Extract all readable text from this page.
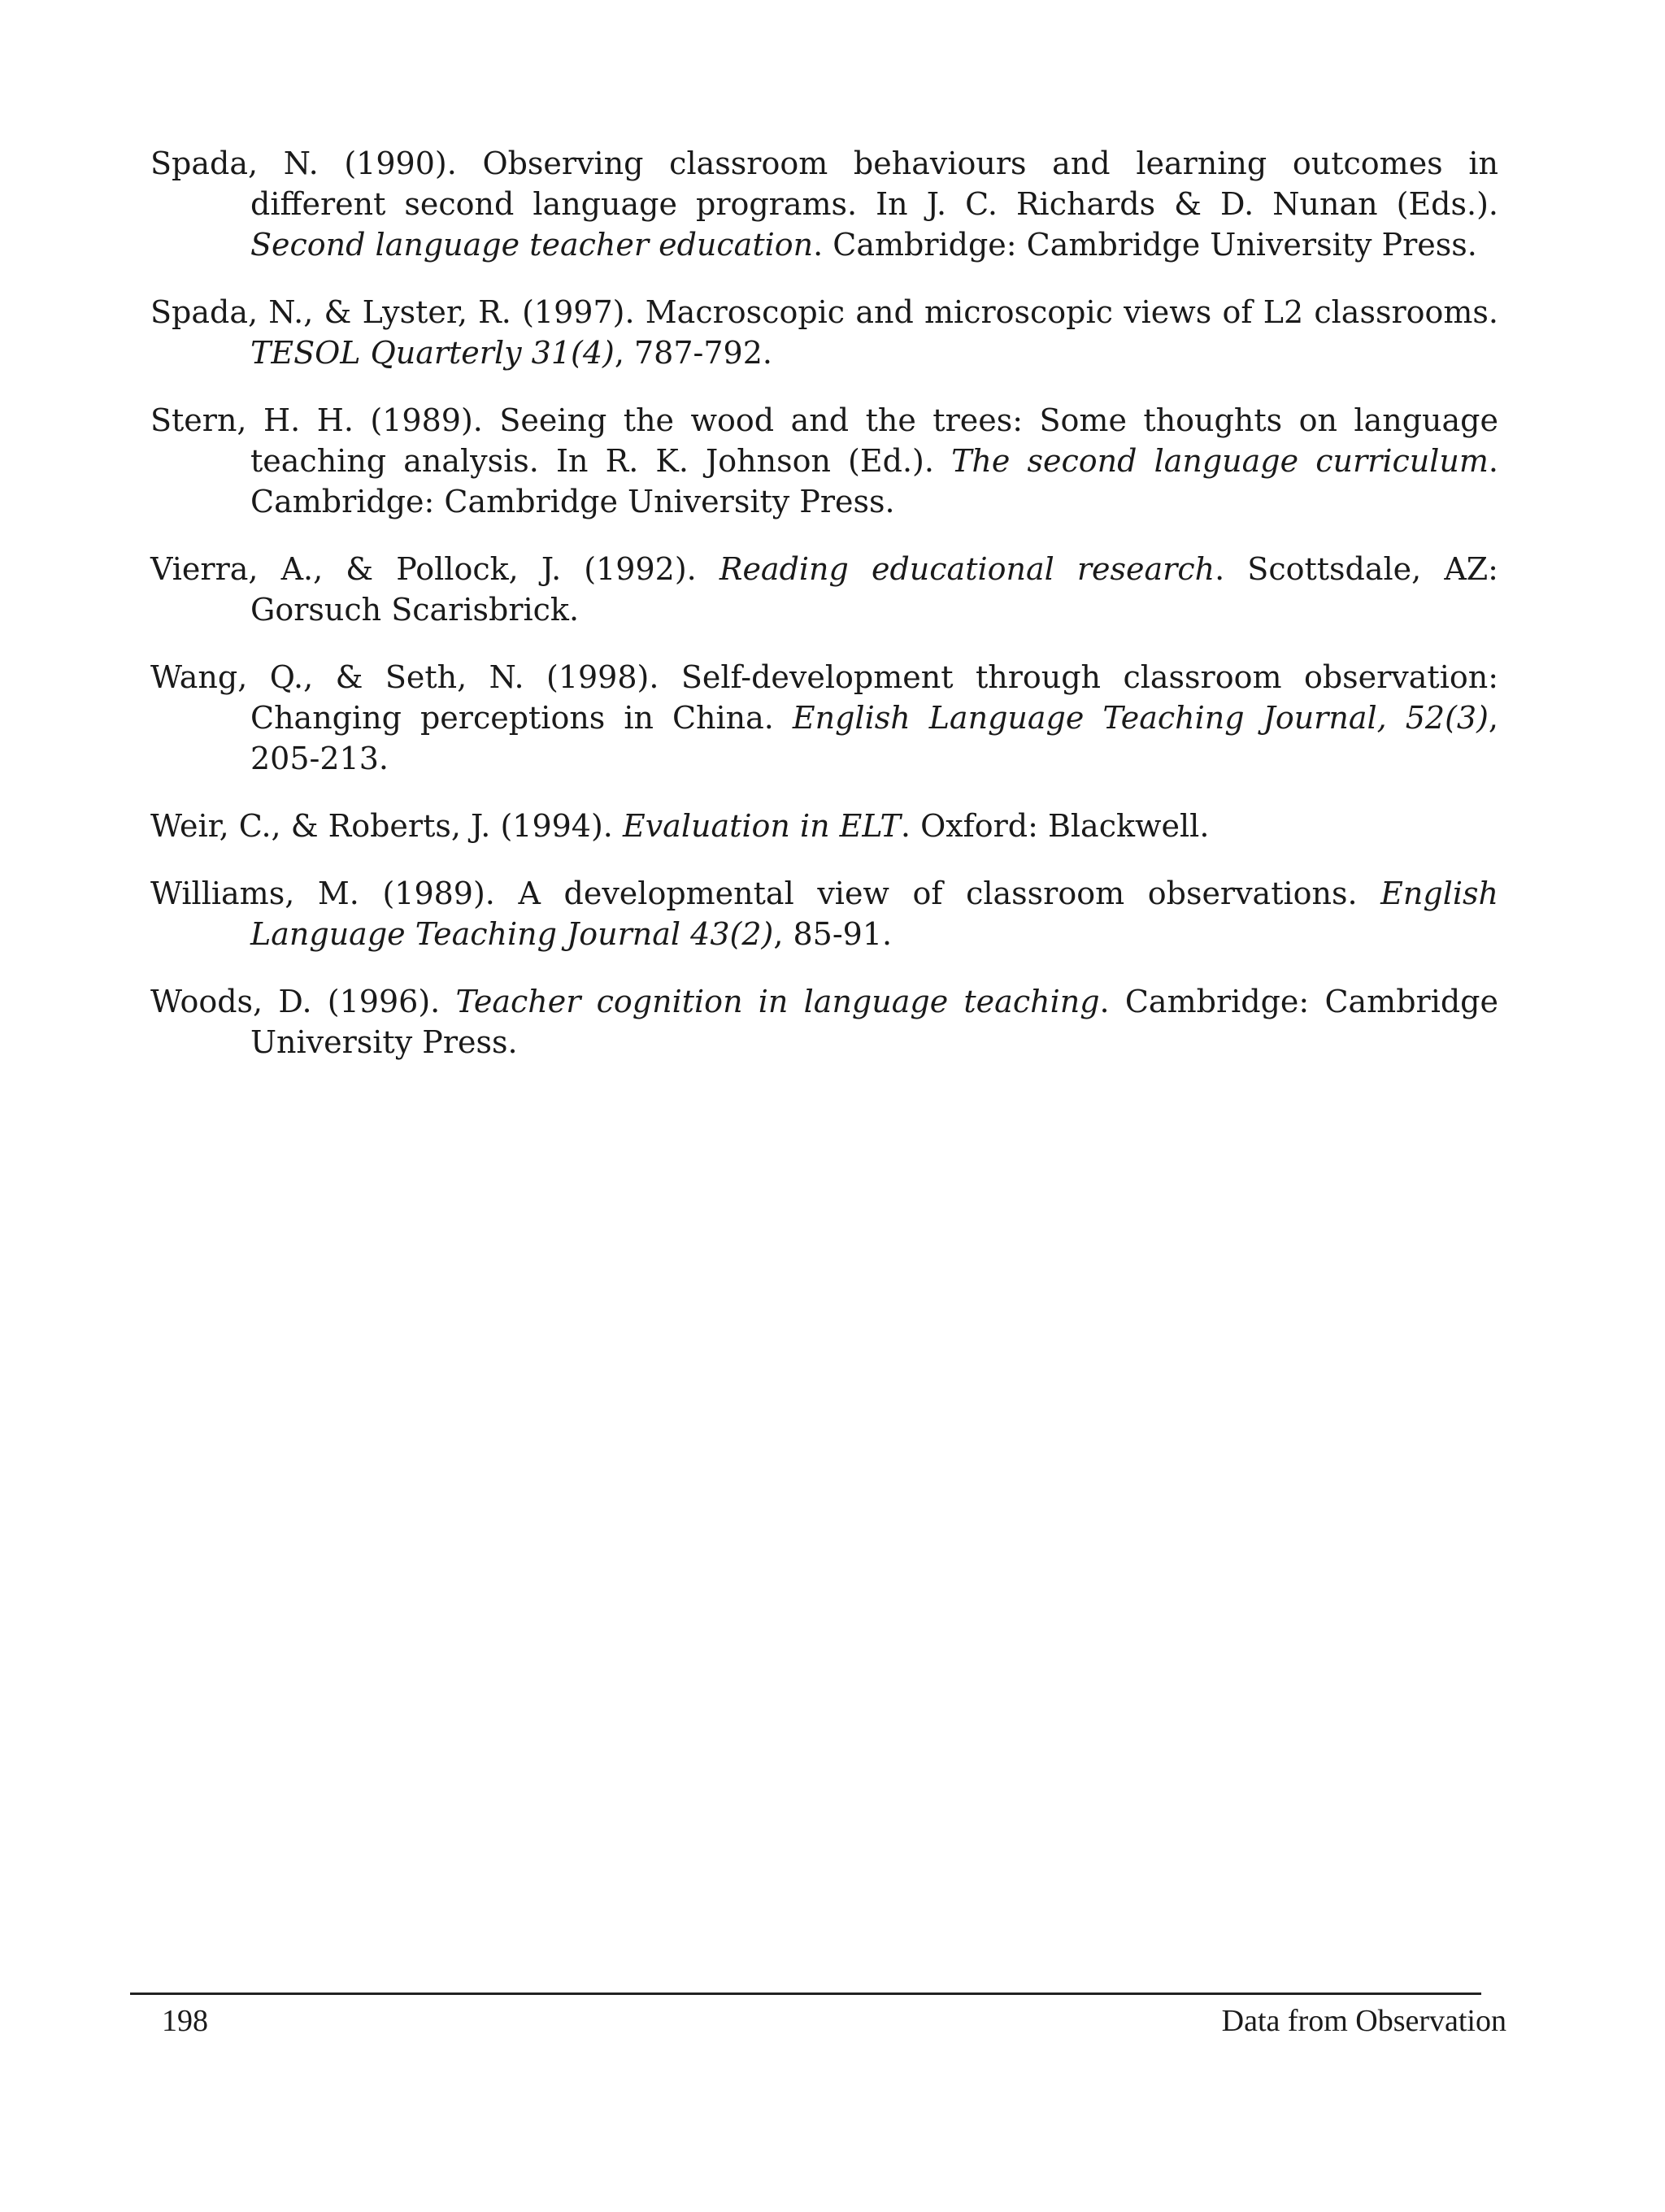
Spada, N. (1990). Observing classroom behaviours and learning outcomes in different second language programs. In J. C. Richards & D. Nunan (Eds.). Second language teacher education. Cambridge: Cambridge University Press.

Spada, N., & Lyster, R. (1997). Macroscopic and microscopic views of L2 classrooms. TESOL Quarterly 31(4), 787-792.

Stern, H. H. (1989). Seeing the wood and the trees: Some thoughts on language teaching analysis. In R. K. Johnson (Ed.). The second language curriculum. Cambridge: Cambridge University Press.

Vierra, A., & Pollock, J. (1992). Reading educational research. Scottsdale, AZ: Gorsuch Scarisbrick.

Wang, Q., & Seth, N. (1998). Self-development through classroom observation: Changing perceptions in China. English Language Teaching Journal, 52(3), 205-213.

Weir, C., & Roberts, J. (1994). Evaluation in ELT. Oxford: Blackwell.

Williams, M. (1989). A developmental view of classroom observations. English Language Teaching Journal 43(2), 85-91.

Woods, D. (1996). Teacher cognition in language teaching. Cambridge: Cambridge University Press.

198	Data from Observation
